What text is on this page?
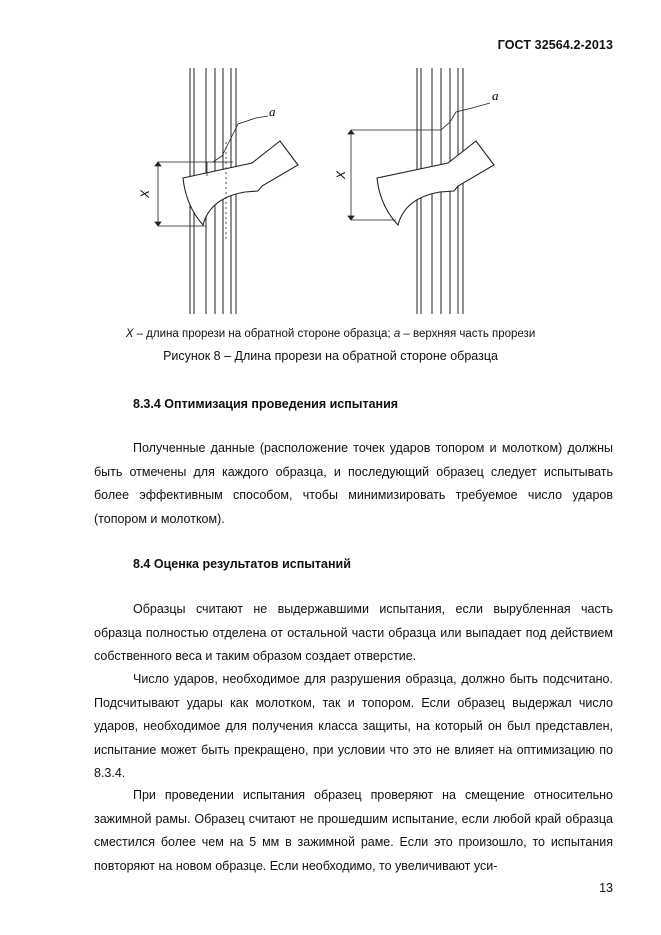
ГОСТ 32564.2-2013
X
a
X
a
X – длина прорези на обратной стороне образца; a – верхняя часть прорези
Рисунок 8 – Длина прорези на обратной стороне образца
8.3.4 Оптимизация проведения испытания

Полученные данные (расположение точек ударов топором и молотком) должны быть отмечены для каждого образца, и последующий образец следует испытывать более эффективным способом, чтобы минимизировать требуемое число ударов (топором и молотком).

8.4 Оценка результатов испытаний

Образцы считают не выдержавшими испытания, если вырубленная часть образца полностью отделена от остальной части образца или выпадает под действием собственного веса и таким образом создает отверстие.

Число ударов, необходимое для разрушения образца, должно быть подсчитано. Подсчитывают удары как молотком, так и топором. Если образец выдержал число ударов, необходимое для получения класса защиты, на который он был представлен, испытание может быть прекращено, при условии что это не влияет на оптимизацию по 8.3.4.

При проведении испытания образец проверяют на смещение относительно зажимной рамы. Образец считают не прошедшим испытание, если любой край образца сместился более чем на 5 мм в зажимной раме. Если это произошло, то испытания повторяют на новом образце. Если необходимо, то увеличивают уси-

13
